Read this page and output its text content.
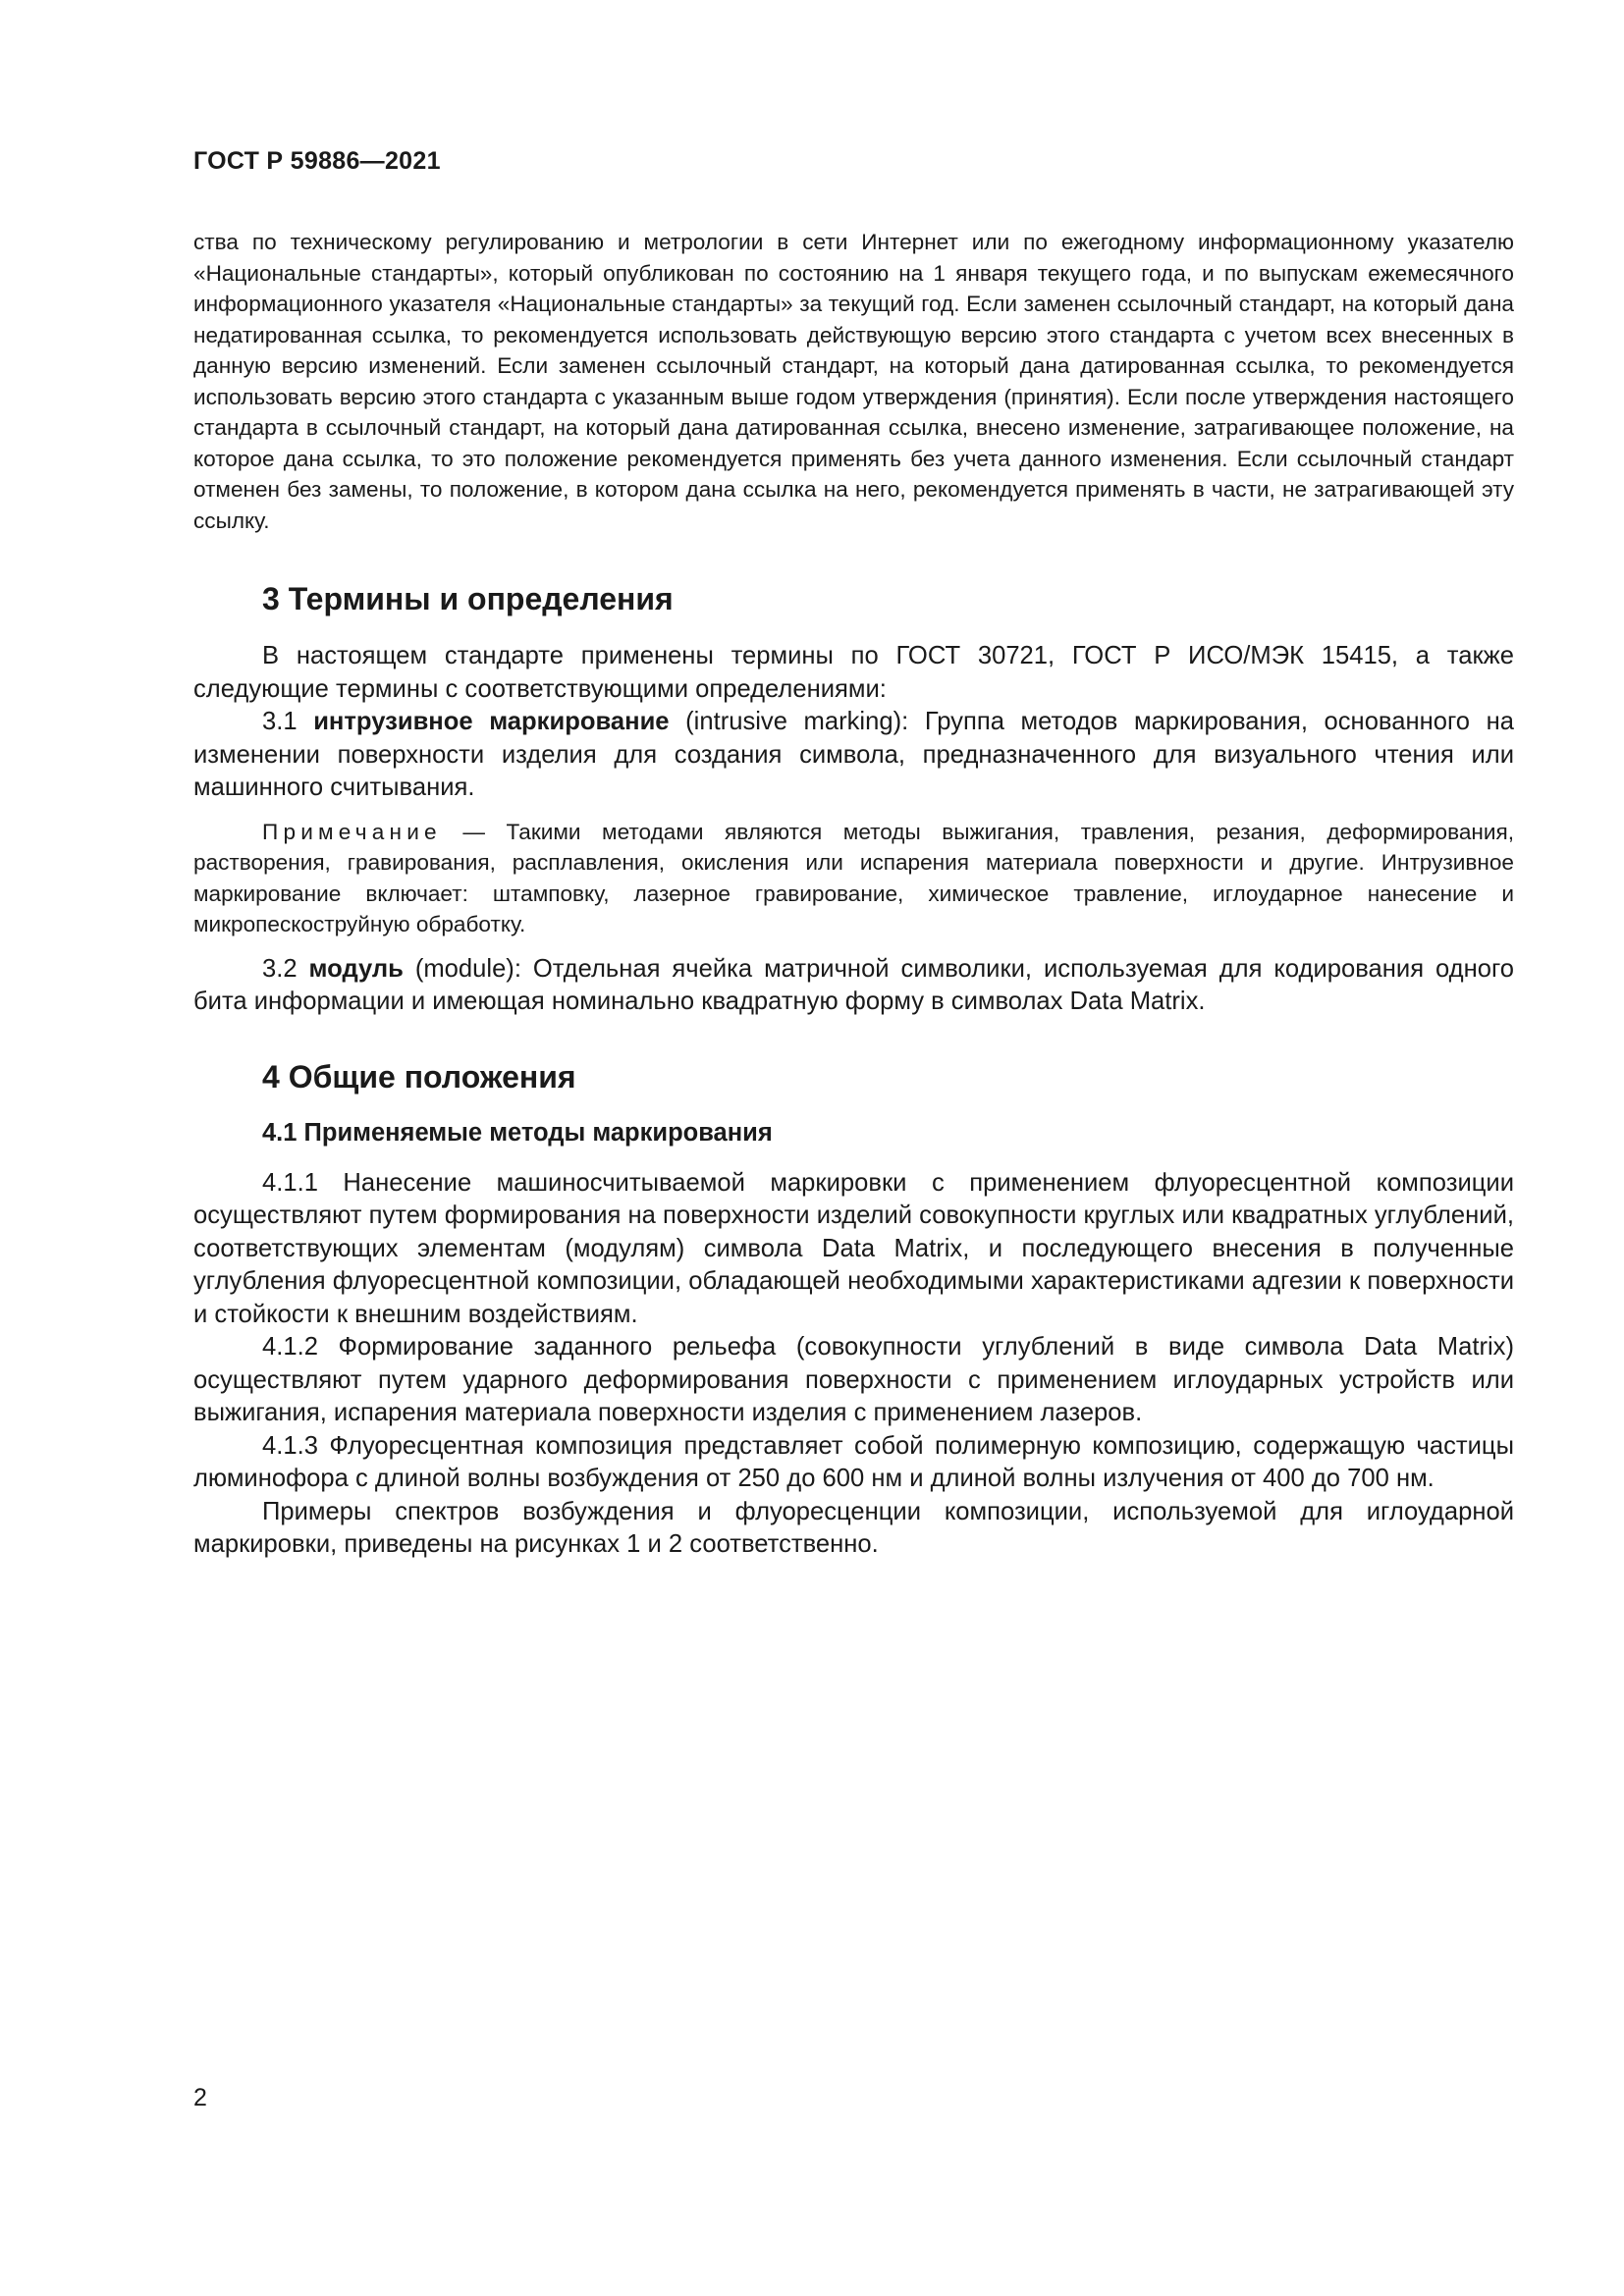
ГОСТ Р 59886—2021

ства по техническому регулированию и метрологии в сети Интернет или по ежегодному информационному указателю «Национальные стандарты», который опубликован по состоянию на 1 января текущего года, и по выпускам ежемесячного информационного указателя «Национальные стандарты» за текущий год. Если заменен ссылочный стандарт, на который дана недатированная ссылка, то рекомендуется использовать действующую версию этого стандарта с учетом всех внесенных в данную версию изменений. Если заменен ссылочный стандарт, на который дана датированная ссылка, то рекомендуется использовать версию этого стандарта с указанным выше годом утверждения (принятия). Если после утверждения настоящего стандарта в ссылочный стандарт, на который дана датированная ссылка, внесено изменение, затрагивающее положение, на которое дана ссылка, то это положение рекомендуется применять без учета данного изменения. Если ссылочный стандарт отменен без замены, то положение, в котором дана ссылка на него, рекомендуется применять в части, не затрагивающей эту ссылку.

3 Термины и определения

В настоящем стандарте применены термины по ГОСТ 30721, ГОСТ Р ИСО/МЭК 15415, а также следующие термины с соответствующими определениями:

3.1 интрузивное маркирование (intrusive marking): Группа методов маркирования, основанного на изменении поверхности изделия для создания символа, предназначенного для визуального чтения или машинного считывания.

Примечание — Такими методами являются методы выжигания, травления, резания, деформирования, растворения, гравирования, расплавления, окисления или испарения материала поверхности и другие. Интрузивное маркирование включает: штамповку, лазерное гравирование, химическое травление, иглоударное нанесение и микропескоструйную обработку.

3.2 модуль (module): Отдельная ячейка матричной символики, используемая для кодирования одного бита информации и имеющая номинально квадратную форму в символах Data Matrix.

4 Общие положения
4.1 Применяемые методы маркирования

4.1.1 Нанесение машиносчитываемой маркировки с применением флуоресцентной композиции осуществляют путем формирования на поверхности изделий совокупности круглых или квадратных углублений, соответствующих элементам (модулям) символа Data Matrix, и последующего внесения в полученные углубления флуоресцентной композиции, обладающей необходимыми характеристиками адгезии к поверхности и стойкости к внешним воздействиям.

4.1.2 Формирование заданного рельефа (совокупности углублений в виде символа Data Matrix) осуществляют путем ударного деформирования поверхности с применением иглоударных устройств или выжигания, испарения материала поверхности изделия с применением лазеров.

4.1.3 Флуоресцентная композиция представляет собой полимерную композицию, содержащую частицы люминофора с длиной волны возбуждения от 250 до 600 нм и длиной волны излучения от 400 до 700 нм.

Примеры спектров возбуждения и флуоресценции композиции, используемой для иглоударной маркировки, приведены на рисунках 1 и 2 соответственно.

2
